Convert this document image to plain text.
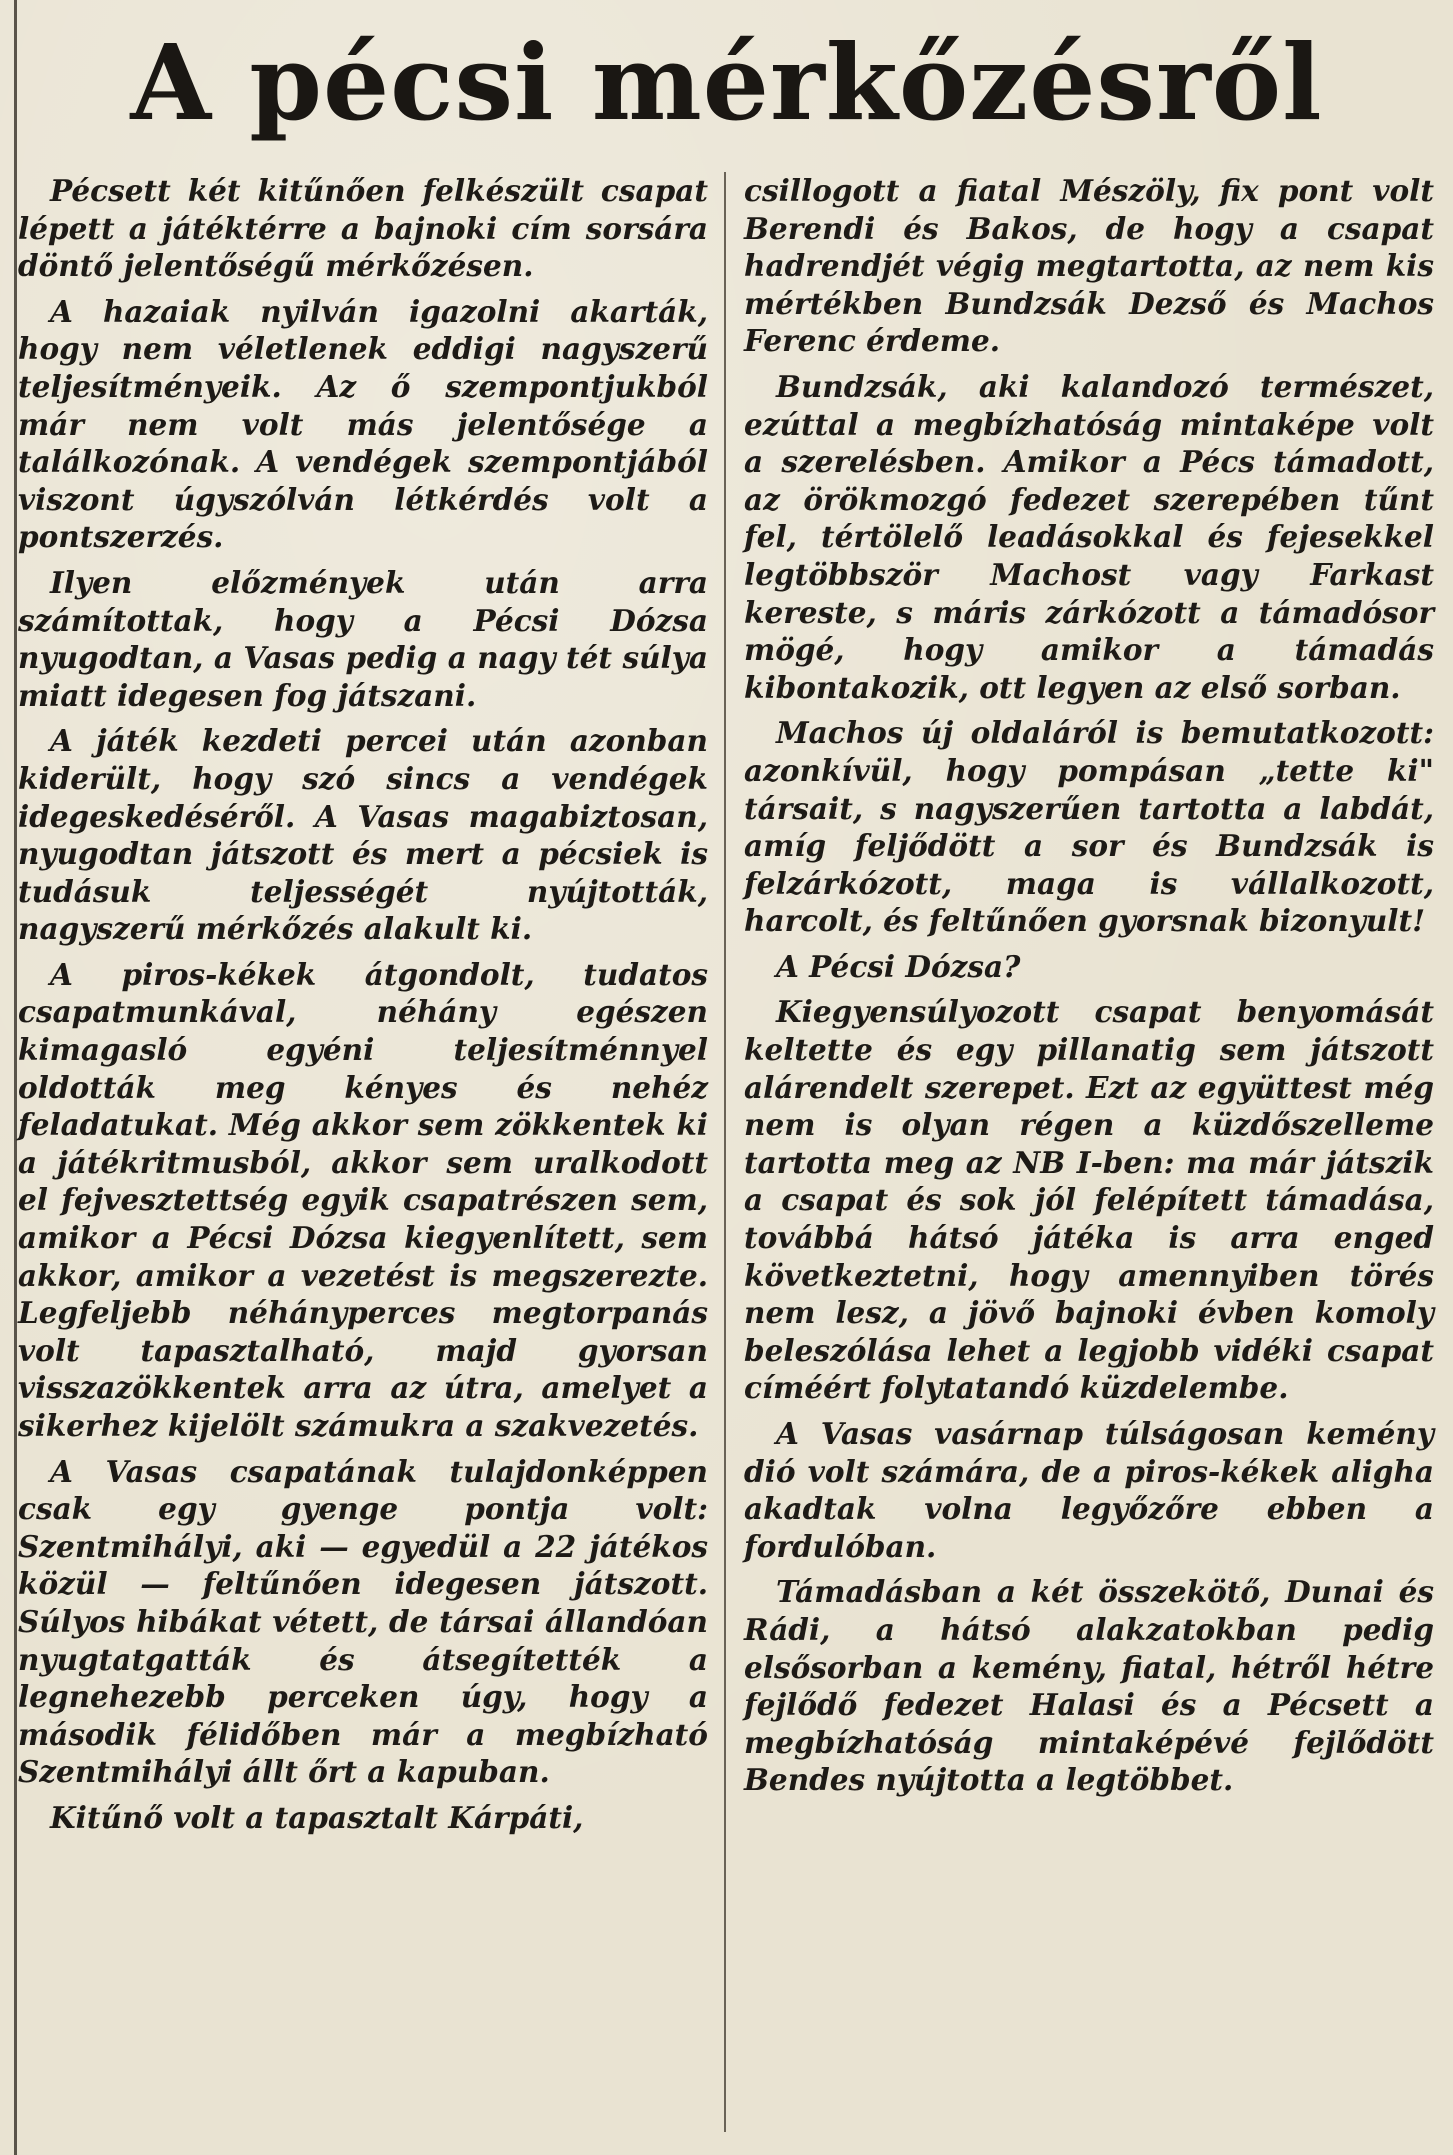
A pécsi mérkőzésről

Pécsett két kitűnően felkészült csapat lépett a játéktérre a bajnoki cím sorsára döntő jelentőségű mérkőzésen.

A hazaiak nyilván igazolni akarták, hogy nem véletlenek eddigi nagyszerű teljesítményeik. Az ő szempontjukból már nem volt más jelentősége a találkozónak. A vendégek szempontjából viszont úgyszólván létkérdés volt a pontszerzés.

Ilyen előzmények után arra számítottak, hogy a Pécsi Dózsa nyugodtan, a Vasas pedig a nagy tét súlya miatt idegesen fog játszani.

A játék kezdeti percei után azonban kiderült, hogy szó sincs a vendégek idegeskedéséről. A Vasas magabiztosan, nyugodtan játszott és mert a pécsiek is tudásuk teljességét nyújtották, nagyszerű mérkőzés alakult ki.

A piros-kékek átgondolt, tudatos csapatmunkával, néhány egészen kimagasló egyéni teljesítménnyel oldották meg kényes és nehéz feladatukat. Még akkor sem zökkentek ki a játékritmusból, akkor sem uralkodott el fejvesztettség egyik csapatrészen sem, amikor a Pécsi Dózsa kiegyenlített, sem akkor, amikor a vezetést is megszerezte. Legfeljebb néhányperces megtorpanás volt tapasztalható, majd gyorsan visszazökkentek arra az útra, amelyet a sikerhez kijelölt számukra a szakvezetés.

A Vasas csapatának tulajdonképpen csak egy gyenge pontja volt: Szentmihályi, aki — egyedül a 22 játékos közül — feltűnően idegesen játszott. Súlyos hibákat vétett, de társai állandóan nyugtatgatták és átsegítették a legnehezebb perceken úgy, hogy a második félidőben már a megbízható Szentmihályi állt őrt a kapuban.

Kitűnő volt a tapasztalt Kárpáti,

csillogott a fiatal Mészöly, fix pont volt Berendi és Bakos, de hogy a csapat hadrendjét végig megtartotta, az nem kis mértékben Bundzsák Dezső és Machos Ferenc érdeme.

Bundzsák, aki kalandozó természet, ezúttal a megbízhatóság mintaképe volt a szerelésben. Amikor a Pécs támadott, az örökmozgó fedezet szerepében tűnt fel, tértölelő leadásokkal és fejesekkel legtöbbször Machost vagy Farkast kereste, s máris zárkózott a támadósor mögé, hogy amikor a támadás kibontakozik, ott legyen az első sorban.

Machos új oldaláról is bemutatkozott: azonkívül, hogy pompásan „tette ki" társait, s nagyszerűen tartotta a labdát, amíg feljődött a sor és Bundzsák is felzárkózott, maga is vállalkozott, harcolt, és feltűnően gyorsnak bizonyult!

A Pécsi Dózsa?

Kiegyensúlyozott csapat benyomását keltette és egy pillanatig sem játszott alárendelt szerepet. Ezt az együttest még nem is olyan régen a küzdőszelleme tartotta meg az NB I-ben: ma már játszik a csapat és sok jól felépített támadása, továbbá hátsó játéka is arra enged következtetni, hogy amennyiben törés nem lesz, a jövő bajnoki évben komoly beleszólása lehet a legjobb vidéki csapat címéért folytatandó küzdelembe.

A Vasas vasárnap túlságosan kemény dió volt számára, de a piros-kékek aligha akadtak volna legyőzőre ebben a fordulóban.

Támadásban a két összekötő, Dunai és Rádi, a hátsó alakzatokban pedig elsősorban a kemény, fiatal, hétről hétre fejlődő fedezet Halasi és a Pécsett a megbízhatóság mintaképévé fejlődött Bendes nyújtotta a legtöbbet.
